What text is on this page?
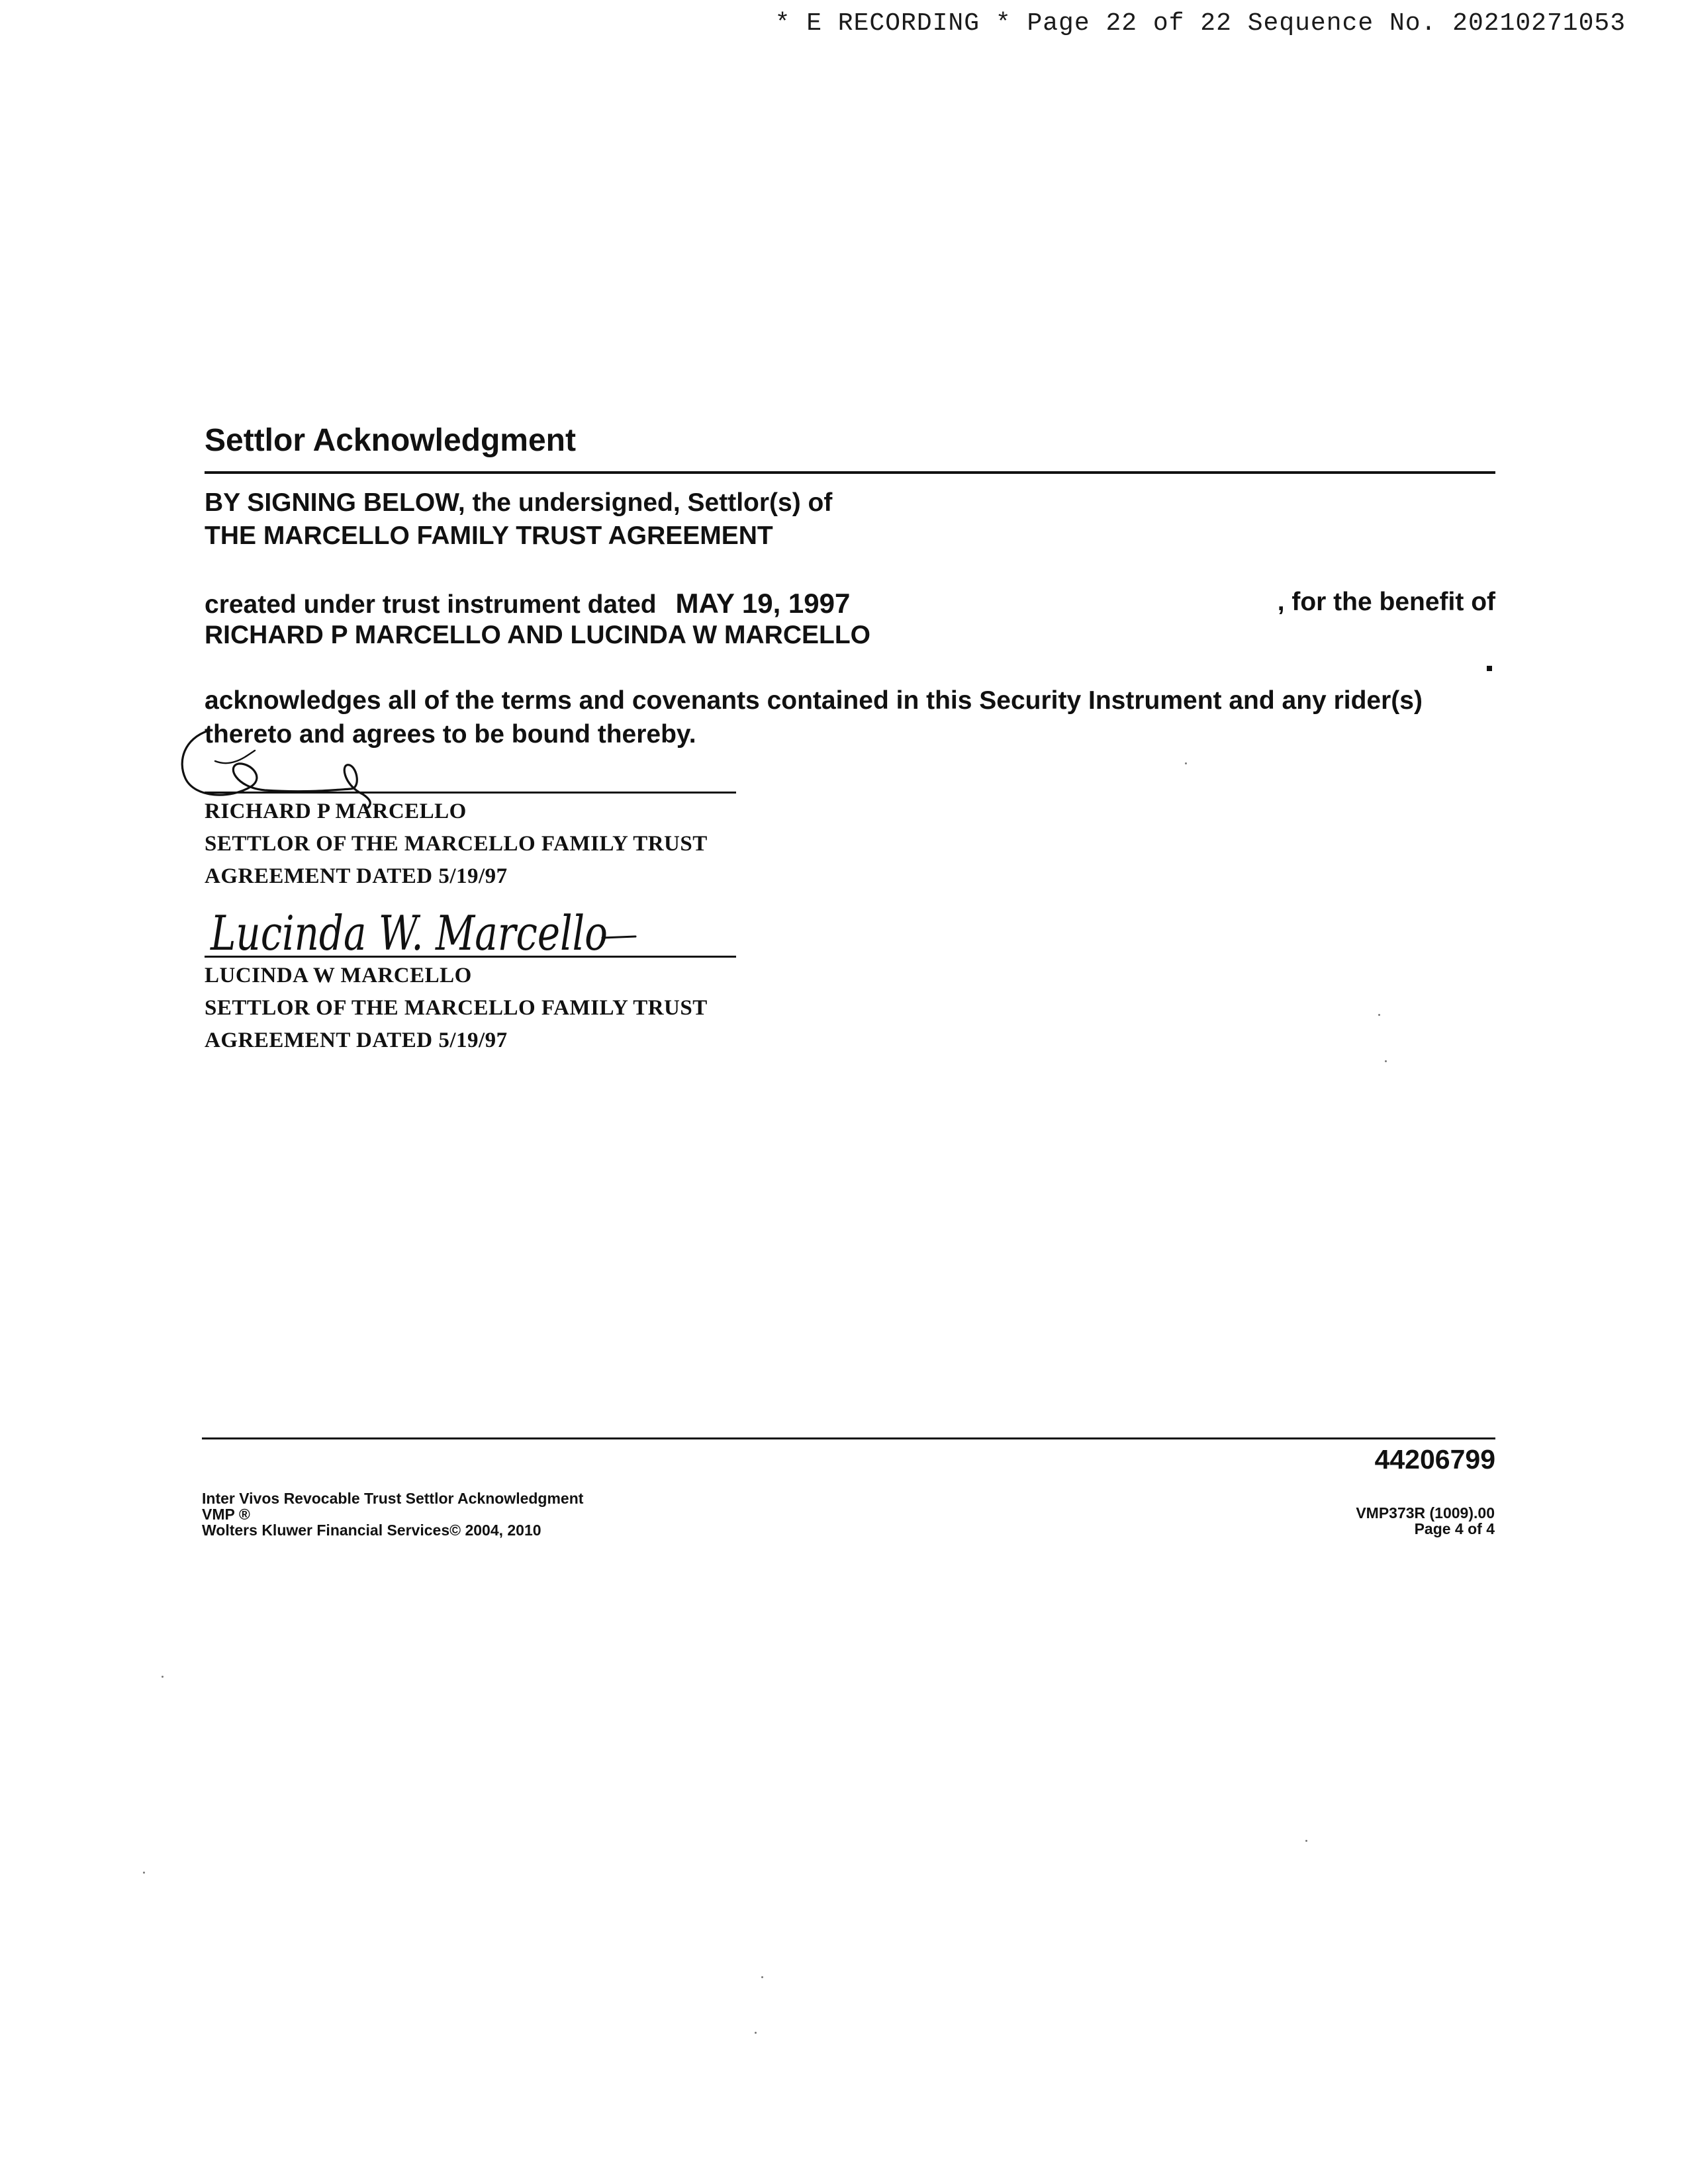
* E RECORDING * Page 22 of 22 Sequence No. 20210271053
Settlor Acknowledgment
BY SIGNING BELOW, the undersigned, Settlor(s) of
THE MARCELLO FAMILY TRUST AGREEMENT
created under trust instrument dated MAY 19, 1997	, for the benefit of
RICHARD P MARCELLO AND LUCINDA W MARCELLO
acknowledges all of the terms and covenants contained in this Security Instrument and any rider(s)
thereto and agrees to be bound thereby.
RICHARD P MARCELLO
SETTLOR OF THE MARCELLO FAMILY TRUST
AGREEMENT DATED 5/19/97
Lucinda W. Marcello
LUCINDA W MARCELLO
SETTLOR OF THE MARCELLO FAMILY TRUST
AGREEMENT DATED 5/19/97
44206799
Inter Vivos Revocable Trust Settlor Acknowledgment
VMP ®
Wolters Kluwer Financial Services© 2004, 2010
VMP373R (1009).00
Page 4 of 4
